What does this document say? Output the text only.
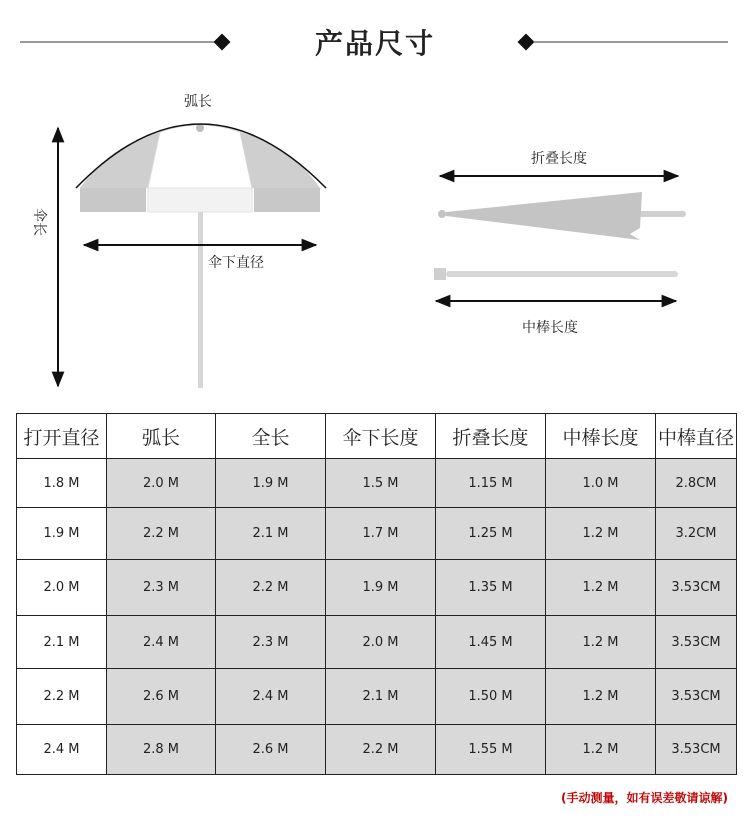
产品尺寸
弧长
伞长
伞下直径
折叠长度
中棒长度
打开直径	弧长	全长	伞下长度	折叠长度	中棒长度	中棒直径
1.8 M	2.0 M	1.9 M	1.5 M	1.15 M	1.0 M	2.8CM
1.9 M	2.2 M	2.1 M	1.7 M	1.25 M	1.2 M	3.2CM
2.0 M	2.3 M	2.2 M	1.9 M	1.35 M	1.2 M	3.53CM
2.1 M	2.4 M	2.3 M	2.0 M	1.45 M	1.2 M	3.53CM
2.2 M	2.6 M	2.4 M	2.1 M	1.50 M	1.2 M	3.53CM
2.4 M	2.8 M	2.6 M	2.2 M	1.55 M	1.2 M	3.53CM
(手动测量，如有误差敬请谅解)
